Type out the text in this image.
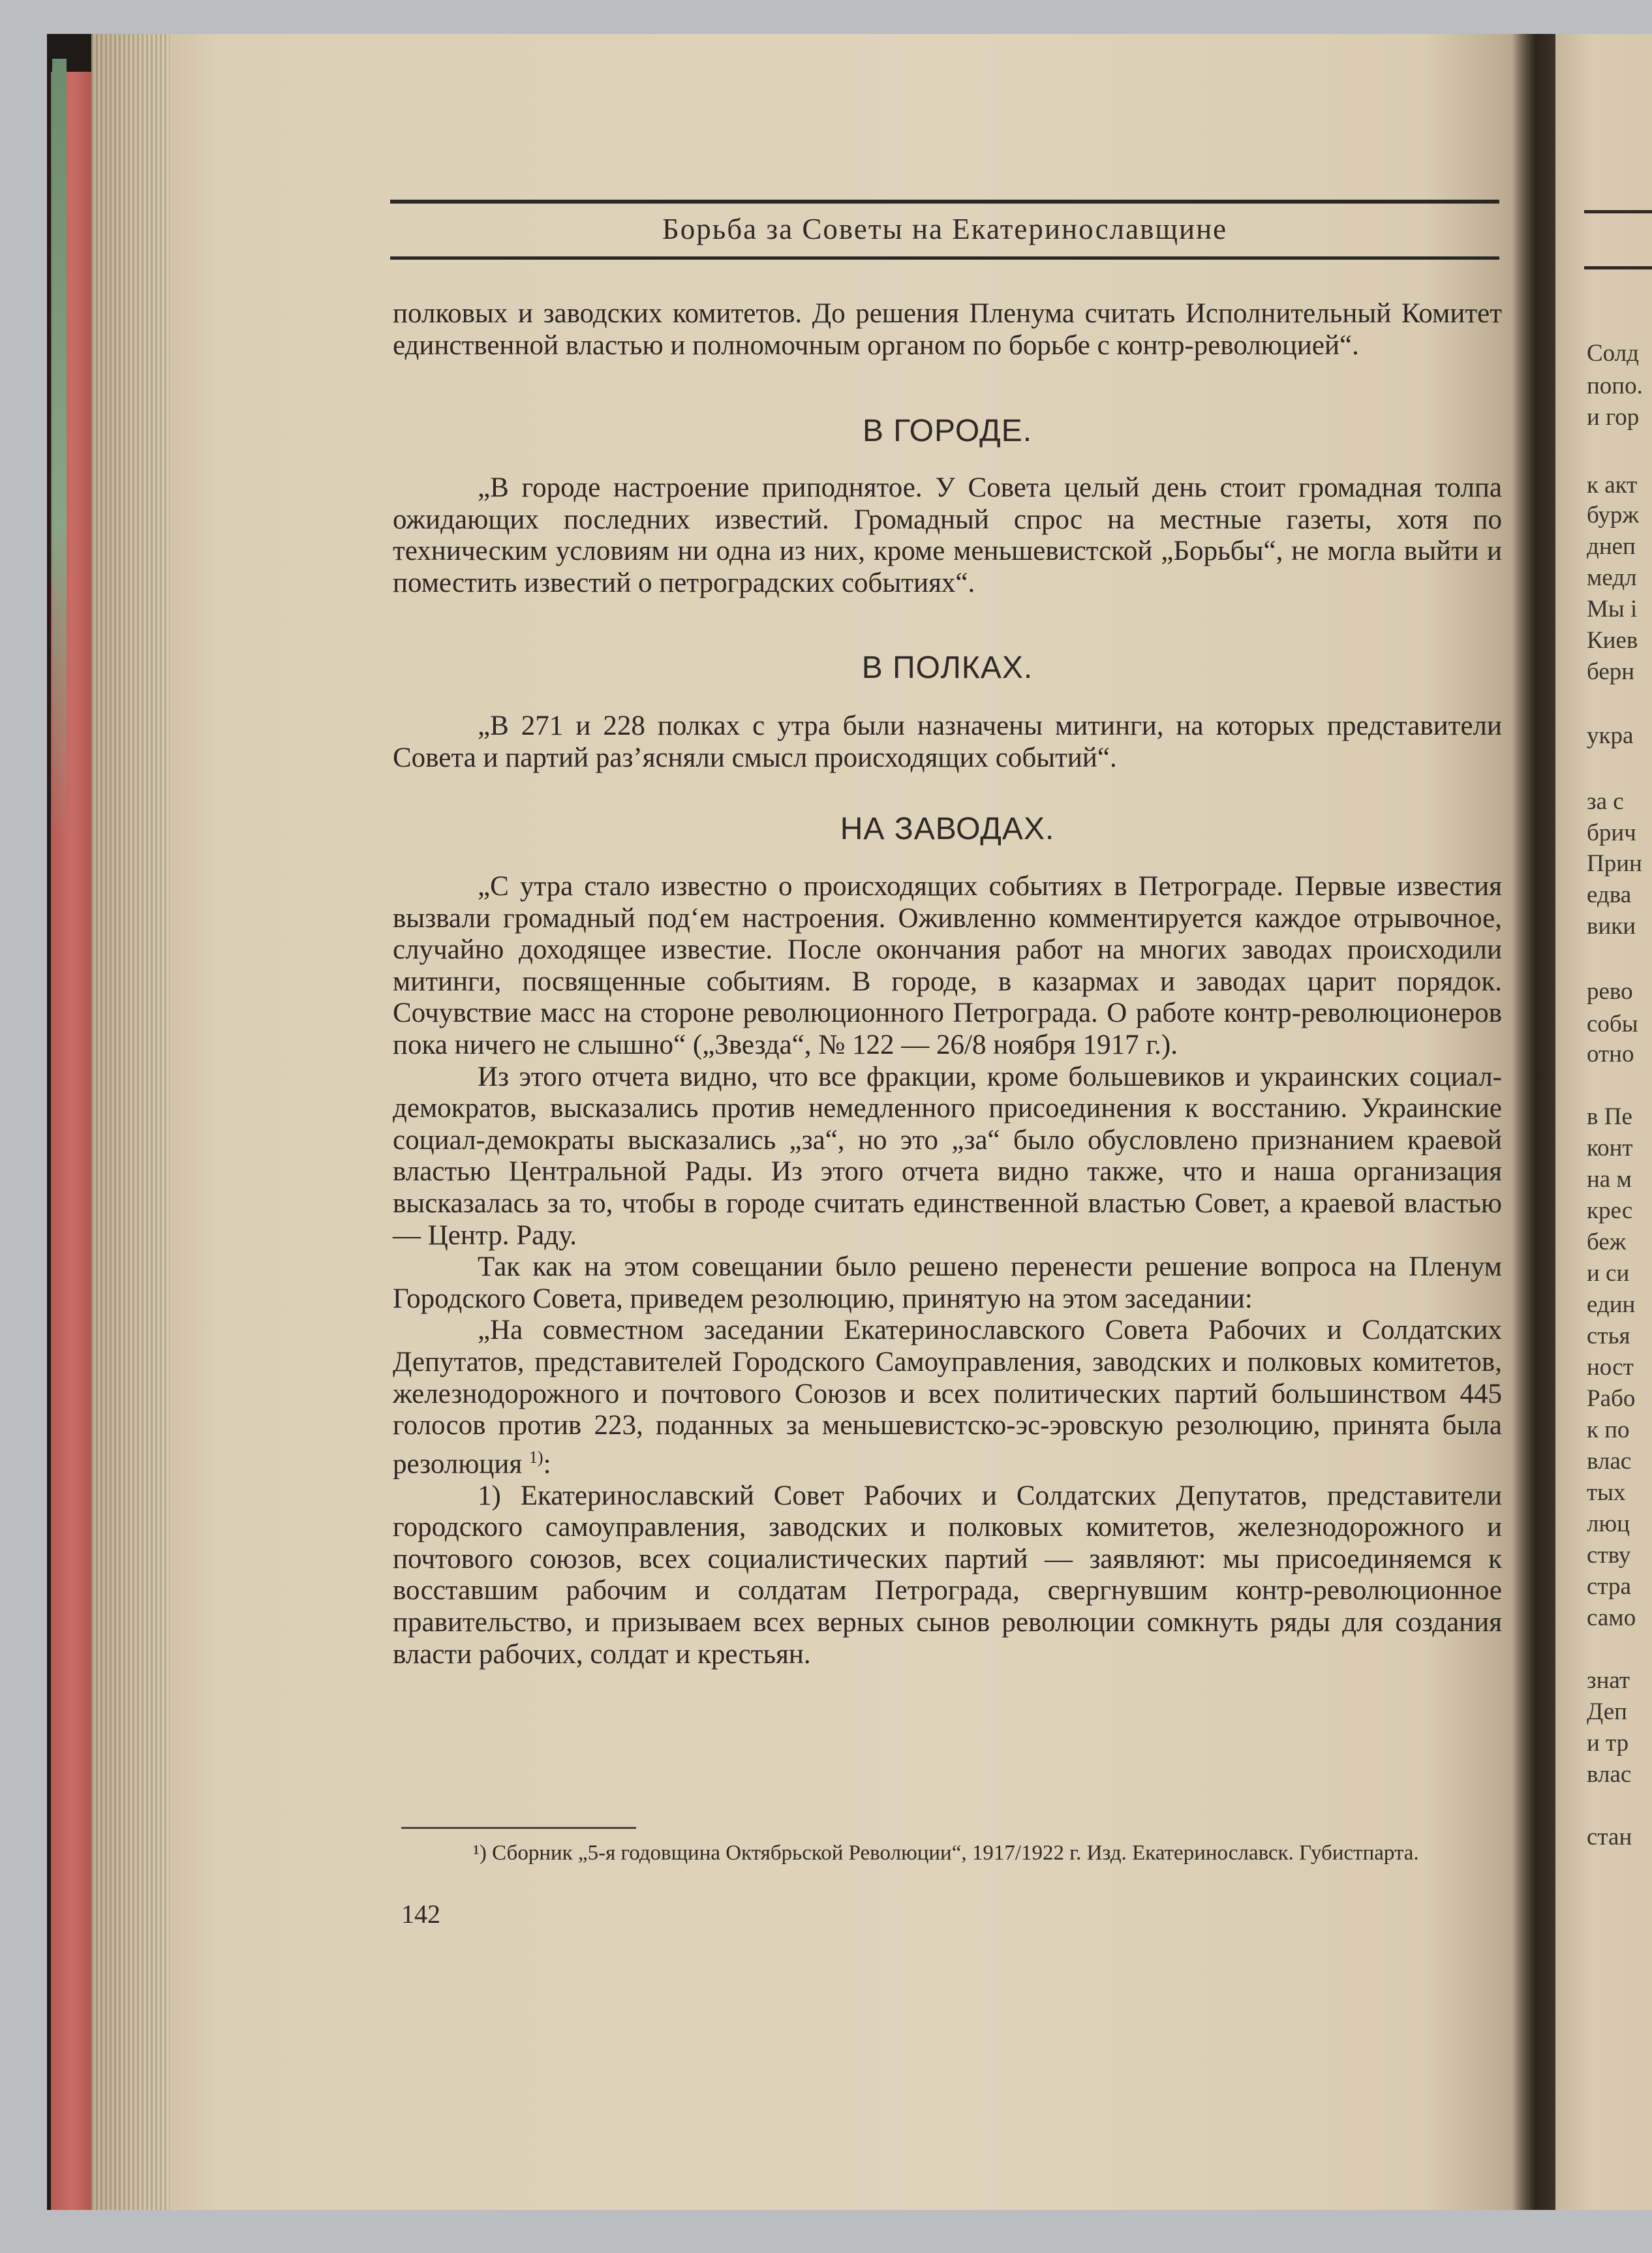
Борьба за Советы на Екатеринославщине

полковых и заводских комитетов. До решения Пленума считать Исполнительный Комитет единственной властью и полномочным органом по борьбе с контр-революцией“.

В ГОРОДЕ.

„В городе настроение приподнятое. У Совета целый день стоит громадная толпа ожидающих последних известий. Громадный спрос на местные газеты, хотя по техническим условиям ни одна из них, кроме меньшевистской „Борьбы“, не могла выйти и поместить известий о петроградских событиях“.

В ПОЛКАХ.

„В 271 и 228 полках с утра были назначены митинги, на которых представители Совета и партий раз’ясняли смысл происходящих событий“.

НА ЗАВОДАХ.

„С утра стало известно о происходящих событиях в Петрограде. Первые известия вызвали громадный под‘ем настроения. Оживленно комментируется каждое отрывочное, случайно доходящее известие. После окончания работ на многих заводах происходили митинги, посвященные событиям. В городе, в казармах и заводах царит порядок. Сочувствие масс на стороне революционного Петрограда. О работе контр-революционеров пока ничего не слышно“ („Звезда“, № 122 — 26/8 ноября 1917 г.).

Из этого отчета видно, что все фракции, кроме большевиков и украинских социал-демократов, высказались против немедленного присоединения к восстанию. Украинские социал-демократы высказались „за“, но это „за“ было обусловлено признанием краевой властью Центральной Рады. Из этого отчета видно также, что и наша организация высказалась за то, чтобы в городе считать единственной властью Совет, а краевой властью — Центр. Раду.

Так как на этом совещании было решено перенести решение вопроса на Пленум Городского Совета, приведем резолюцию, принятую на этом заседании:

„На совместном заседании Екатеринославского Совета Рабочих и Солдатских Депутатов, представителей Городского Самоуправления, заводских и полковых комитетов, железнодорожного и почтового Союзов и всех политических партий большинством 445 голосов против 223, поданных за меньшевистско-эс-эровскую резолюцию, принята была резолюция $^{1)}$:

1) Екатеринославский Совет Рабочих и Солдатских Депутатов, представители городского самоуправления, заводских и полковых комитетов, железнодорожного и почтового союзов, всех социалистических партий — заявляют: мы присоединяемся к восставшим рабочим и солдатам Петрограда, свергнувшим контр-революционное правительство, и призываем всех верных сынов революции сомкнуть ряды для создания власти рабочих, солдат и крестьян.

¹) Сборник „5-я годовщина Октябрьской Революции“, 1917/1922 г. Изд. Екатеринославск. Губистпарта.
142
Солд
попо.
и гор
к акт
бурж
днеп
медл
Мы і
Киев
берн
укра
за с
брич
Прин
едва
вики
рево
собы
отно
в Пе
конт
на м
крес
беж
и си
един
стья
ност
Рабо
к по
влас
тых
люц
ству
стра
само
знат
Деп
и тр
влас
стан
